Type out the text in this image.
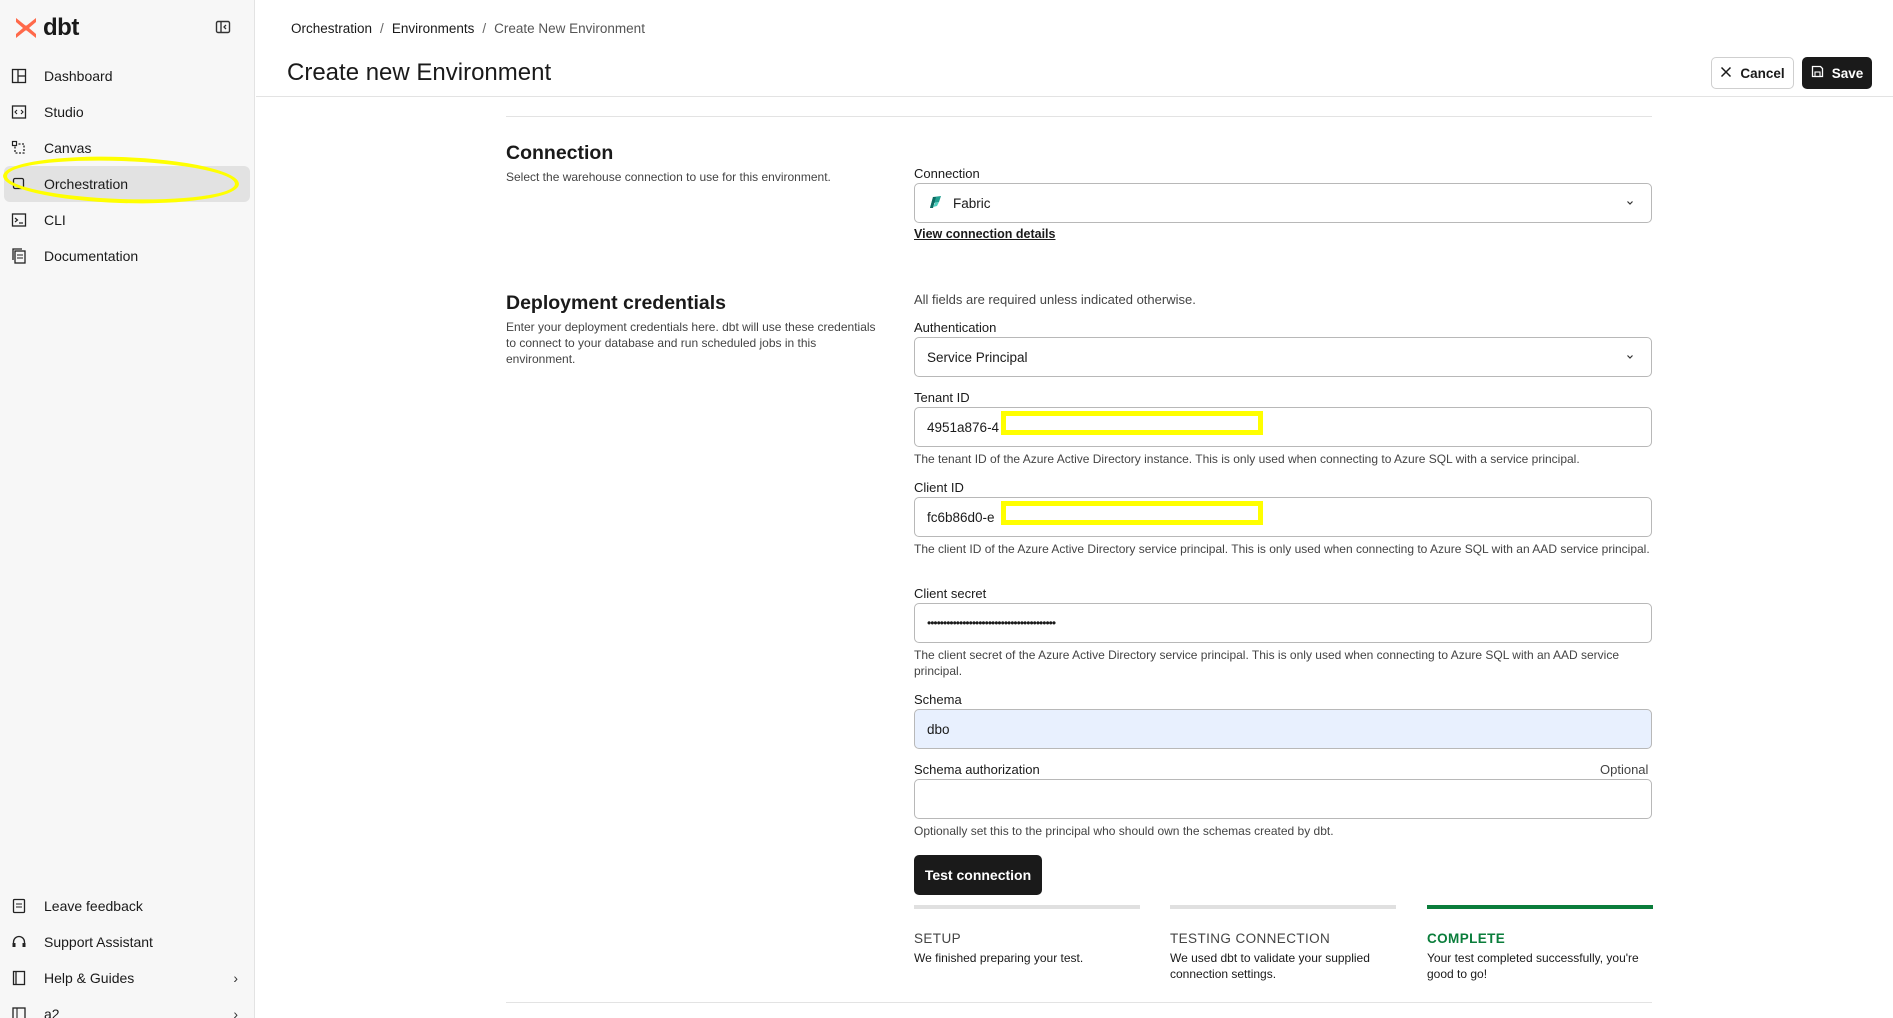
dbt
Dashboard
Studio
Canvas
Orchestration	·
CLI
Documentation
Leave feedback
Support Assistant
Help & Guides	›
a2	›
Orchestration / Environments / Create New Environment
Create new Environment	Cancel	Save
Connection

Select the warehouse connection to use for this environment.	Connection
Fabric
View connection details
Deployment credentials

Enter your deployment credentials here. dbt will use these credentials to connect to your database and run scheduled jobs in this environment.

All fields are required unless indicated otherwise.

Authentication
Service Principal
Tenant ID
4951a876-4

The tenant ID of the Azure Active Directory instance. This is only used when connecting to Azure SQL with a service principal.

Client ID
fc6b86d0-e

The client ID of the Azure Active Directory service principal. This is only used when connecting to Azure SQL with an AAD service principal.

Client secret
••••••••••••••••••••••••••••••••••••••••

The client secret of the Azure Active Directory service principal. This is only used when connecting to Azure SQL with an AAD service principal.

Schema
dbo
Schema authorization	Optional

Optionally set this to the principal who should own the schemas created by dbt.

Test connection
SETUP
We finished preparing your test.
TESTING CONNECTION
We used dbt to validate your supplied connection settings.
COMPLETE
Your test completed successfully, you're good to go!
